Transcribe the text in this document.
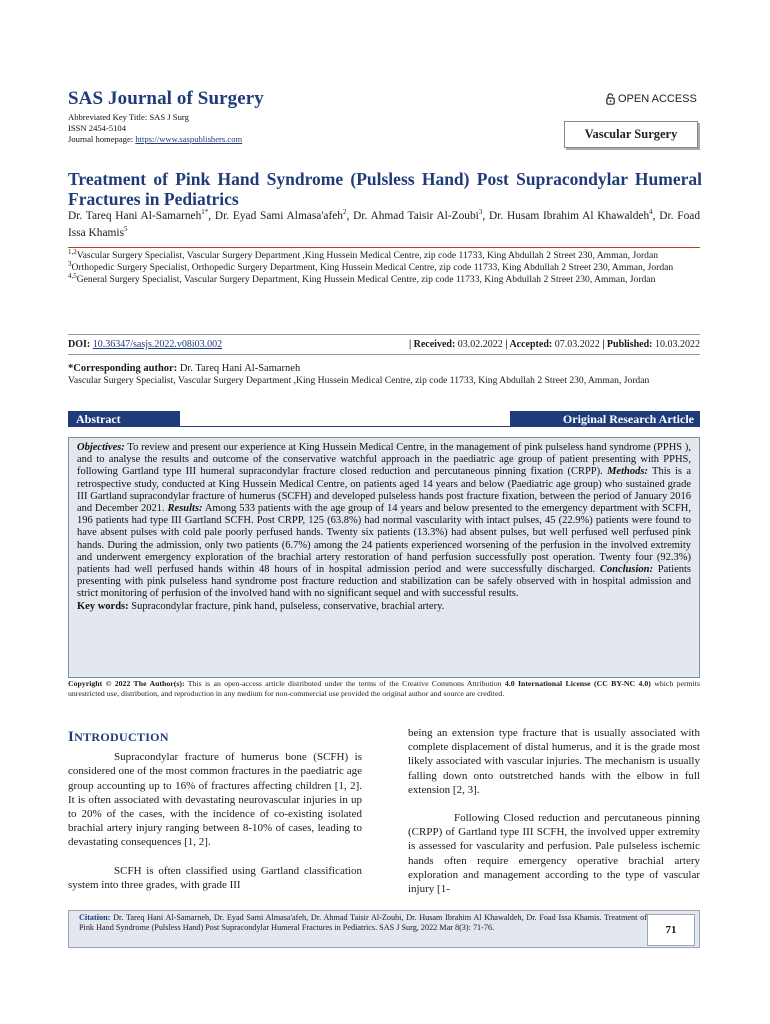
SAS Journal of Surgery
Abbreviated Key Title: SAS J Surg
ISSN 2454-5104
Journal homepage: https://www.saspublishers.com
OPEN ACCESS
Vascular Surgery
Treatment of Pink Hand Syndrome (Pulsless Hand) Post Supracondylar Humeral Fractures in Pediatrics
Dr. Tareq Hani Al-Samarneh$^{1*}$, Dr. Eyad Sami Almasa'afeh$^2$, Dr. Ahmad Taisir Al-Zoubi$^3$, Dr. Husam Ibrahim Al Khawaldeh$^4$, Dr. Foad Issa Khamis$^5$

$^{1,2}$Vascular Surgery Specialist, Vascular Surgery Department ,King Hussein Medical Centre, zip code 11733, King Abdullah 2 Street 230, Amman, Jordan

$^3$Orthopedic Surgery Specialist, Orthopedic Surgery Department, King Hussein Medical Centre, zip code 11733, King Abdullah 2 Street 230, Amman, Jordan

$^{4,5}$General Surgery Specialist, Vascular Surgery Department, King Hussein Medical Centre, zip code 11733, King Abdullah 2 Street 230, Amman, Jordan

DOI: 10.36347/sasjs.2022.v08i03.002	| Received: 03.02.2022 | Accepted: 07.03.2022 | Published: 10.03.2022
*Corresponding author: Dr. Tareq Hani Al-Samarneh
Vascular Surgery Specialist, Vascular Surgery Department ,King Hussein Medical Centre, zip code 11733, King Abdullah 2 Street 230, Amman, Jordan
Abstract	Original Research Article
Objectives: To review and present our experience at King Hussein Medical Centre, in the management of pink pulseless hand syndrome (PPHS ), and to analyse the results and outcome of the conservative watchful approach in the paediatric age group of patient presenting with PPHS, following Gartland type III humeral supracondylar fracture closed reduction and percutaneous pinning fixation (CRPP). Methods: This is a retrospective study, conducted at King Hussein Medical Centre, on patients aged 14 years and below (Paediatric age group) who sustained grade III Gartland supracondylar fracture of humerus (SCFH) and developed pulseless hands post fracture fixation, between the period of January 2016 and December 2021. Results: Among 533 patients with the age group of 14 years and below presented to the emergency department with SCFH, 196 patients had type III Gartland SCFH. Post CRPP, 125 (63.8%) had normal vascularity with intact pulses, 45 (22.9%) patients were found to have absent pulses with cold pale poorly perfused hands. Twenty six patients (13.3%) had absent pulses, but well perfused well perfused pink hands. During the admission, only two patients (6.7%) among the 24 patients experienced worsening of the perfusion in the involved extremity and underwent emergency exploration of the brachial artery restoration of hand perfusion successfully post operation. Twenty four (92.3%) patients had well perfused hands within 48 hours of in hospital admission period and were successfully discharged. Conclusion: Patients presenting with pink pulseless hand syndrome post fracture reduction and stabilization can be safely observed with in hospital admission and strict monitoring of perfusion of the involved hand with no significant sequel and with successful results.
Key words: Supracondylar fracture, pink hand, pulseless, conservative, brachial artery.
Copyright © 2022 The Author(s): This is an open-access article distributed under the terms of the Creative Commons Attribution 4.0 International License (CC BY-NC 4.0) which permits unrestricted use, distribution, and reproduction in any medium for non-commercial use provided the original author and source are credited.
INTRODUCTION

Supracondylar fracture of humerus bone (SCFH) is considered one of the most common fractures in the paediatric age group accounting up to 16% of fractures affecting children [1, 2]. It is often associated with devastating neurovascular injuries in up to 20% of the cases, with the incidence of co-existing isolated brachial artery injury ranging between 8-10% of cases, leading to devastating consequences [1, 2].

SCFH is often classified using Gartland classification system into three grades, with grade III

being an extension type fracture that is usually associated with complete displacement of distal humerus, and it is the grade most likely associated with vascular injuries. The mechanism is usually falling down onto outstretched hands with the elbow in full extension [2, 3].

Following Closed reduction and percutaneous pinning (CRPP) of Gartland type III SCFH, the involved upper extremity is assessed for vascularity and perfusion. Pale pulseless ischemic hands often require emergency operative brachial artery exploration and management according to the type of vascular injury [1-

Citation: Dr. Tareq Hani Al-Samarneh, Dr. Eyad Sami Almasa'afeh, Dr. Ahmad Taisir Al-Zoubi, Dr. Husam Ibrahim Al Khawaldeh, Dr. Foad Issa Khamis. Treatment of Pink Hand Syndrome (Pulsless Hand) Post Supracondylar Humeral Fractures in Pediatrics. SAS J Surg, 2022 Mar 8(3): 71-76.	71
